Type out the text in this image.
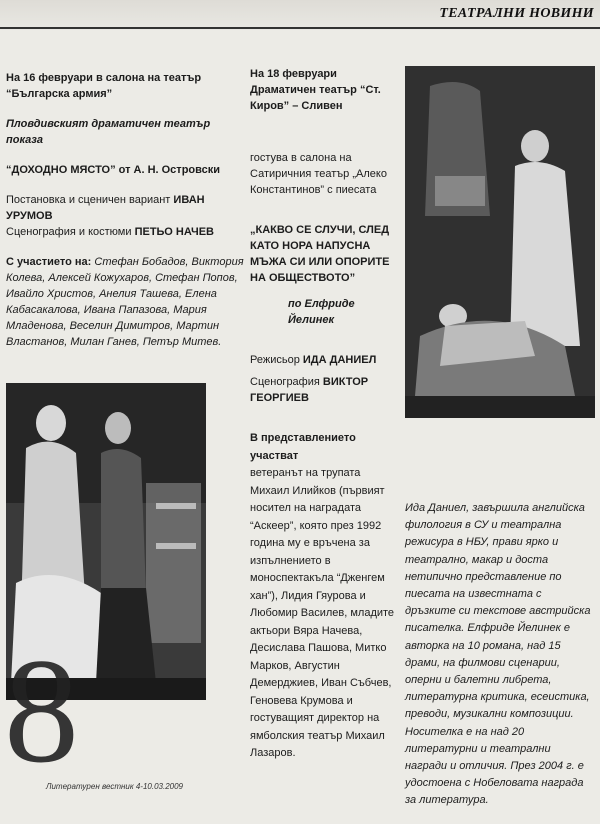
ТЕАТРАЛНИ НОВИНИ

На 16 февруари в салона на театър “Българска армия”

Пловдивският драматичен театър показа

“ДОХОДНО МЯСТО” от А. Н. Островски

Постановка и сценичен вариант ИВАН УРУМОВ

Сценография и костюми ПЕТЬО НАЧЕВ

С участието на: Стефан Бобадов, Виктория Колева, Алексей Кожухаров, Стефан Попов, Ивайло Христов, Анелия Ташева, Елена Кабасакалова, Ивана Папазова, Мария Младенова, Веселин Димитров, Мартин Властанов, Милан Ганев, Петър Митев.

На 18 февруари Драматичен театър “Ст. Киров” – Сливен

гостува в салона на Сатиричния театър „Алеко Константинов” с пиесата

„КАКВО СЕ СЛУЧИ, СЛЕД КАТО НОРА НАПУСНА МЪЖА СИ ИЛИ ОПОРИТЕ НА ОБЩЕСТВОТО”

по Елфриде Йелинек

Режисьор ИДА ДАНИЕЛ

Сценография ВИКТОР ГЕОРГИЕВ

В представлението участват
ветеранът на трупата Михаил Илийков (първият носител на наградата “Аскеер”, която през 1992 година му е връчена за изпълнението в моноспектакъла “Дженгем хан”), Лидия Гяурова и Любомир Василев, младите актьори Вяра Начева, Десислава Пашова, Митко Марков, Августин Демерджиев, Иван Събчев, Геновева Крумова и гостуващият директор на ямболския театър Михаил Лазаров.

Ида Даниел, завършила английска филология в СУ и театрална режисура в НБУ, прави ярко и театрално, макар и доста нетипично представление по пиесата на известната с дръзките си текстове австрийска писателка. Елфриде Йелинек е авторка на 10 романа, над 15 драми, на филмови сценарии, оперни и балетни либрета, литературна критика, есеистика, преводи, музикални композиции. Носителка е на над 20 литературни и театрални награди и отличия. През 2004 г. е удостоена с Нобеловата награда за литература.

8
Литературен вестник 4-10.03.2009
